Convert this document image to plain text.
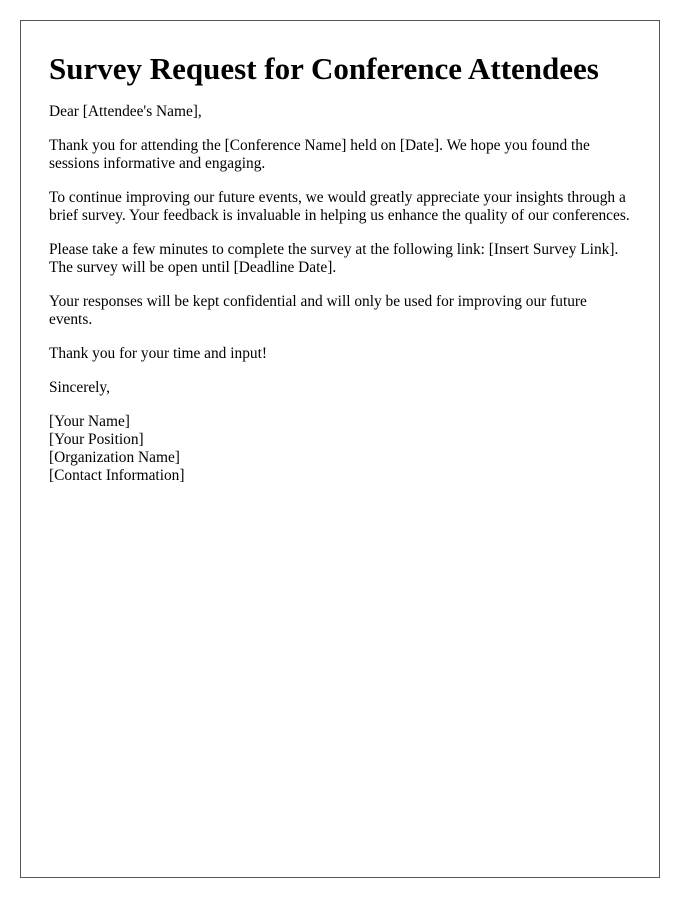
Survey Request for Conference Attendees

Dear [Attendee's Name],

Thank you for attending the [Conference Name] held on [Date]. We hope you found the sessions informative and engaging.

To continue improving our future events, we would greatly appreciate your insights through a brief survey. Your feedback is invaluable in helping us enhance the quality of our conferences.

Please take a few minutes to complete the survey at the following link: [Insert Survey Link]. The survey will be open until [Deadline Date].

Your responses will be kept confidential and will only be used for improving our future events.

Thank you for your time and input!

Sincerely,

[Your Name]
[Your Position]
[Organization Name]
[Contact Information]
